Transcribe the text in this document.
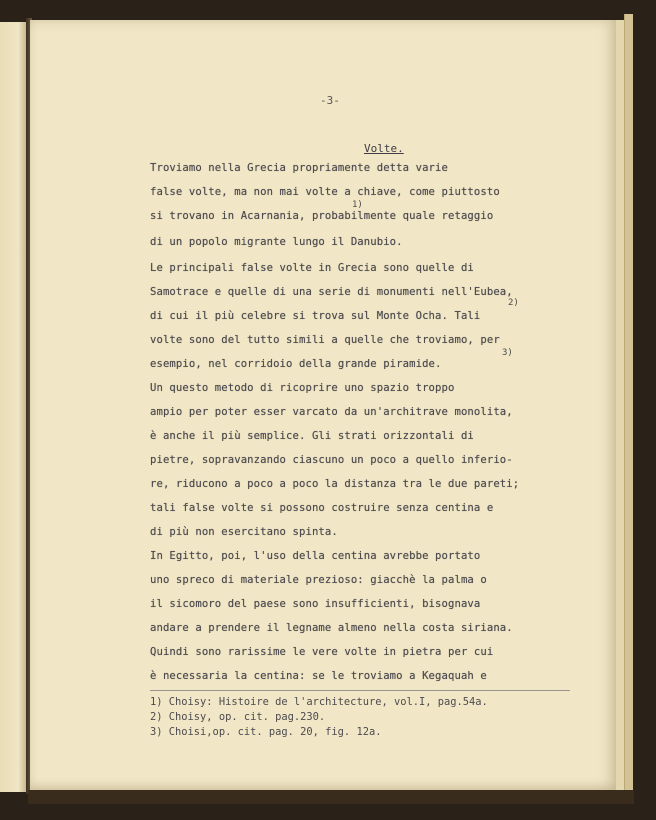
-3-
Volte.
Troviamo nella Grecia propriamente detta varie
false volte, ma non mai volte a chiave, come piuttosto
si trovano in Acarnania, probabilmente quale retaggio
di un popolo migrante lungo il Danubio.
Le principali false volte in Grecia sono quelle di
Samotrace e quelle di una serie di monumenti nell'Eubea,
di cui il più celebre si trova sul Monte Ocha. Tali
volte sono del tutto simili a quelle che troviamo, per
esempio, nel corridoio della grande piramide.
Un questo metodo di ricoprire uno spazio troppo
ampio per poter esser varcato da un'architrave monolita,
è anche il più semplice. Gli strati orizzontali di
pietre, sopravanzando ciascuno un poco a quello inferio-
re, riducono a poco a poco la distanza tra le due pareti;
tali false volte si possono costruire senza centina e
di più non esercitano spinta.
In Egitto, poi, l'uso della centina avrebbe portato
uno spreco di materiale prezioso: giacchè la palma o
il sicomoro del paese sono insufficienti, bisognava
andare a prendere il legname almeno nella costa siriana.
Quindi sono rarissime le vere volte in pietra per cui
è necessaria la centina: se le troviamo a Kegaquah e
1)
2)
3)
1) Choisy: Histoire de l'architecture, vol.I, pag.54a.
2) Choisy, op. cit. pag.230.
3) Choisi,op. cit. pag. 20, fig. 12a.
